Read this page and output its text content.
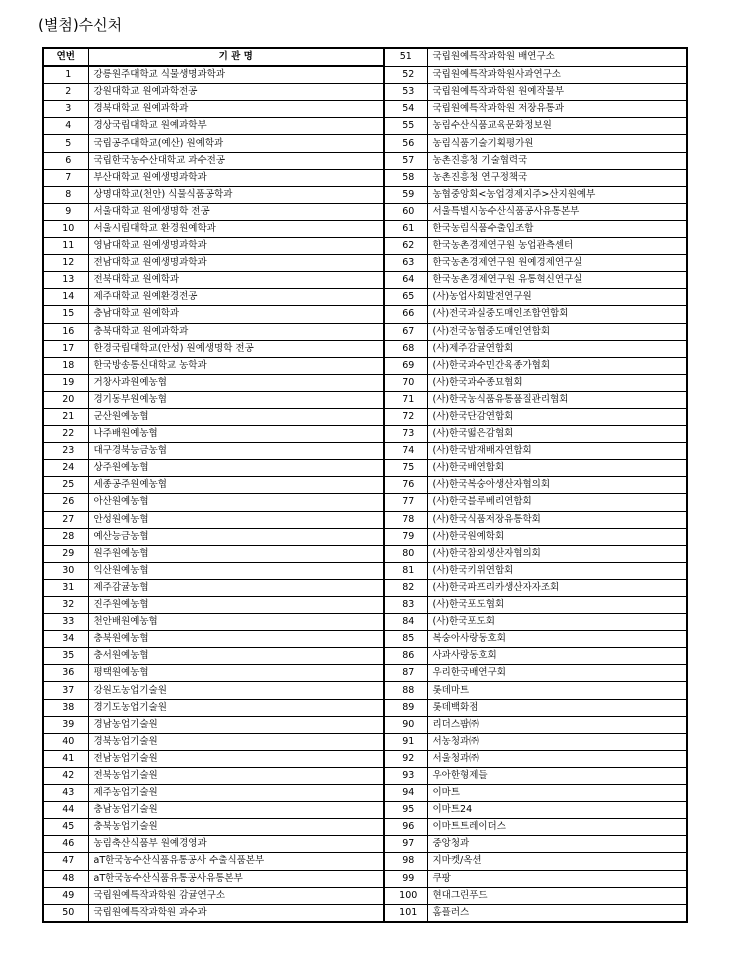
(별첨)수신처
연번	기 관 명	51	국립원예특작과학원 배연구소
1	강릉원주대학교 식물생명과학과	52	국립원예특작과학원사과연구소
2	강원대학교 원예과학전공	53	국립원예특작과학원 원예작물부
3	경북대학교 원예과학과	54	국립원예특작과학원 저장유통과
4	경상국립대학교 원예과학부	55	농림수산식품교육문화정보원
5	국립공주대학교(예산) 원예학과	56	농림식품기술기획평가원
6	국립한국농수산대학교 과수전공	57	농촌진흥청 기술협력국
7	부산대학교 원예생명과학과	58	농촌진흥청 연구정책국
8	상명대학교(천안) 식물식품공학과	59	농협중앙회<농업경제지주>산지원예부
9	서울대학교 원예생명학 전공	60	서울특별시농수산식품공사유통본부
10	서울시립대학교 환경원예학과	61	한국농림식품수출입조합
11	영남대학교 원예생명과학과	62	한국농촌경제연구원 농업관측센터
12	전남대학교 원예생명과학과	63	한국농촌경제연구원 원예경제연구실
13	전북대학교 원예학과	64	한국농촌경제연구원 유통혁신연구실
14	제주대학교 원예환경전공	65	(사)농업사회발전연구원
15	충남대학교 원예학과	66	(사)전국과실중도매인조합연합회
16	충북대학교 원예과학과	67	(사)전국농협중도매인연합회
17	한경국립대학교(안성) 원예생명학 전공	68	(사)제주감귤연합회
18	한국방송통신대학교 농학과	69	(사)한국과수민간육종가협회
19	거창사과원예농협	70	(사)한국과수종묘협회
20	경기동부원예농협	71	(사)한국농식품유통품질관리협회
21	군산원예농협	72	(사)한국단감연합회
22	나주배원예농협	73	(사)한국떫은감협회
23	대구경북능금농협	74	(사)한국밤재배자연합회
24	상주원예농협	75	(사)한국배연합회
25	세종공주원예농협	76	(사)한국복숭아생산자협의회
26	아산원예농협	77	(사)한국블루베리연합회
27	안성원예농협	78	(사)한국식품저장유통학회
28	예산능금농협	79	(사)한국원예학회
29	원주원예농협	80	(사)한국참외생산자협의회
30	익산원예농협	81	(사)한국키위연합회
31	제주감귤농협	82	(사)한국파프리카생산자자조회
32	진주원예농협	83	(사)한국포도협회
33	천안배원예농협	84	(사)한국포도회
34	충북원예농협	85	복숭아사랑동호회
35	충서원예농협	86	사과사랑동호회
36	평택원예농협	87	우리한국배연구회
37	강원도농업기술원	88	롯데마트
38	경기도농업기술원	89	롯데백화점
39	경남농업기술원	90	리더스팜㈜
40	경북농업기술원	91	서농청과㈜
41	전남농업기술원	92	서울청과㈜
42	전북농업기술원	93	우아한형제들
43	제주농업기술원	94	이마트
44	충남농업기술원	95	이마트24
45	충북농업기술원	96	이마트트레이더스
46	농림축산식품부 원예경영과	97	중앙청과
47	aT한국농수산식품유통공사 수출식품본부	98	지마켓/옥션
48	aT한국농수산식품유통공사유통본부	99	쿠팡
49	국립원예특작과학원 감귤연구소	100	현대그린푸드
50	국립원예특작과학원 과수과	101	홈플러스
